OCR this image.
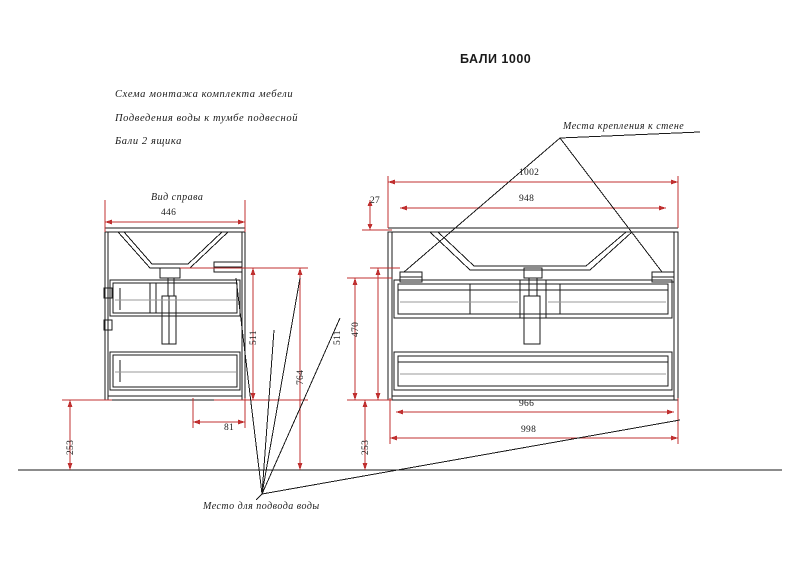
БАЛИ 1000
Схема монтажа комплекта мебели
Подведения воды к тумбе подвесной
Бали 2 ящика
Вид справа
Места крепления к стене
Место для подвода воды
446
81
511
764
253
1002
948
27
966
998
511
470
253
